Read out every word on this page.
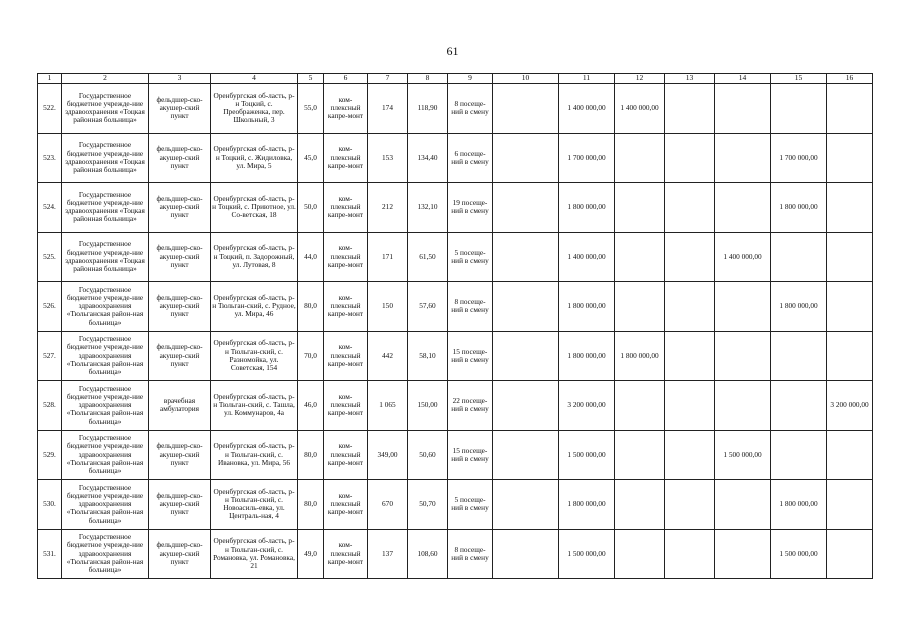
61
1	2	3	4	5	6	7	8	9	10	11	12	13	14	15	16
522.	Государственное бюджетное учрежде-ние здравоохранения «Тоцкая районная больница»	фельдшер-ско-акушер-ский пункт	Оренбургская об-ласть, р-н Тоцкий, с. Преображенка, пер. Школьный, 3	55,0	ком-плексный капре-монт	174	118,90	8 посеще-ний в смену		1 400 000,00	1 400 000,00				
523.	Государственное бюджетное учрежде-ние здравоохранения «Тоцкая районная больница»	фельдшер-ско-акушер-ский пункт	Оренбургская об-ласть, р-н Тоцкий, с. Жидиловка, ул. Мира, 5	45,0	ком-плексный капре-монт	153	134,40	6 посеще-ний в смену		1 700 000,00				1 700 000,00	
524.	Государственное бюджетное учрежде-ние здравоохранения «Тоцкая районная больница»	фельдшер-ско-акушер-ский пункт	Оренбургская об-ласть, р-н Тоцкий, с. Приютное, ул. Со-ветская, 18	50,0	ком-плексный капре-монт	212	132,10	19 посеще-ний в смену		1 800 000,00				1 800 000,00	
525.	Государственное бюджетное учрежде-ние здравоохранения «Тоцкая районная больница»	фельдшер-ско-акушер-ский пункт	Оренбургская об-ласть, р-н Тоцкий, п. Задорожный, ул. Лутовая, 8	44,0	ком-плексный капре-монт	171	61,50	5 посеще-ний в смену		1 400 000,00			1 400 000,00		
526.	Государственное бюджетное учрежде-ние здравоохранения «Тюльганская район-ная больница»	фельдшер-ско-акушер-ский пункт	Оренбургская об-ласть, р-н Тюльган-ский, с. Рудное, ул. Мира, 46	80,0	ком-плексный капре-монт	150	57,60	8 посеще-ний в смену		1 800 000,00				1 800 000,00	
527.	Государственное бюджетное учрежде-ние здравоохранения «Тюльганская район-ная больница»	фельдшер-ско-акушер-ский пункт	Оренбургская об-ласть, р-н Тюльган-ский, с. Разномойка, ул. Советская, 154	70,0	ком-плексный капре-монт	442	58,10	15 посеще-ний в смену		1 800 000,00	1 800 000,00				
528.	Государственное бюджетное учрежде-ние здравоохранения «Тюльганская район-ная больница»	врачебная амбулатория	Оренбургская об-ласть, р-н Тюльган-ский, с. Ташла, ул. Коммунаров, 4а	46,0	ком-плексный капре-монт	1 065	150,00	22 посеще-ний в смену		3 200 000,00					3 200 000,00
529.	Государственное бюджетное учрежде-ние здравоохранения «Тюльганская район-ная больница»	фельдшер-ско-акушер-ский пункт	Оренбургская об-ласть, р-н Тюльган-ский, с. Ивановка, ул. Мира, 56	80,0	ком-плексный капре-монт	349,00	50,60	15 посеще-ний в смену		1 500 000,00			1 500 000,00		
530.	Государственное бюджетное учрежде-ние здравоохранения «Тюльганская район-ная больница»	фельдшер-ско-акушер-ский пункт	Оренбургская об-ласть, р-н Тюльган-ский, с. Новоасиль-евка, ул. Централь-ная, 4	80,0	ком-плексный капре-монт	670	50,70	5 посеще-ний в смену		1 800 000,00				1 800 000,00	
531.	Государственное бюджетное учрежде-ние здравоохранения «Тюльганская район-ная больница»	фельдшер-ско-акушер-ский пункт	Оренбургская об-ласть, р-н Тюльган-ский, с. Романовка, ул. Романовка, 21	49,0	ком-плексный капре-монт	137	108,60	8 посеще-ний в смену		1 500 000,00				1 500 000,00	
